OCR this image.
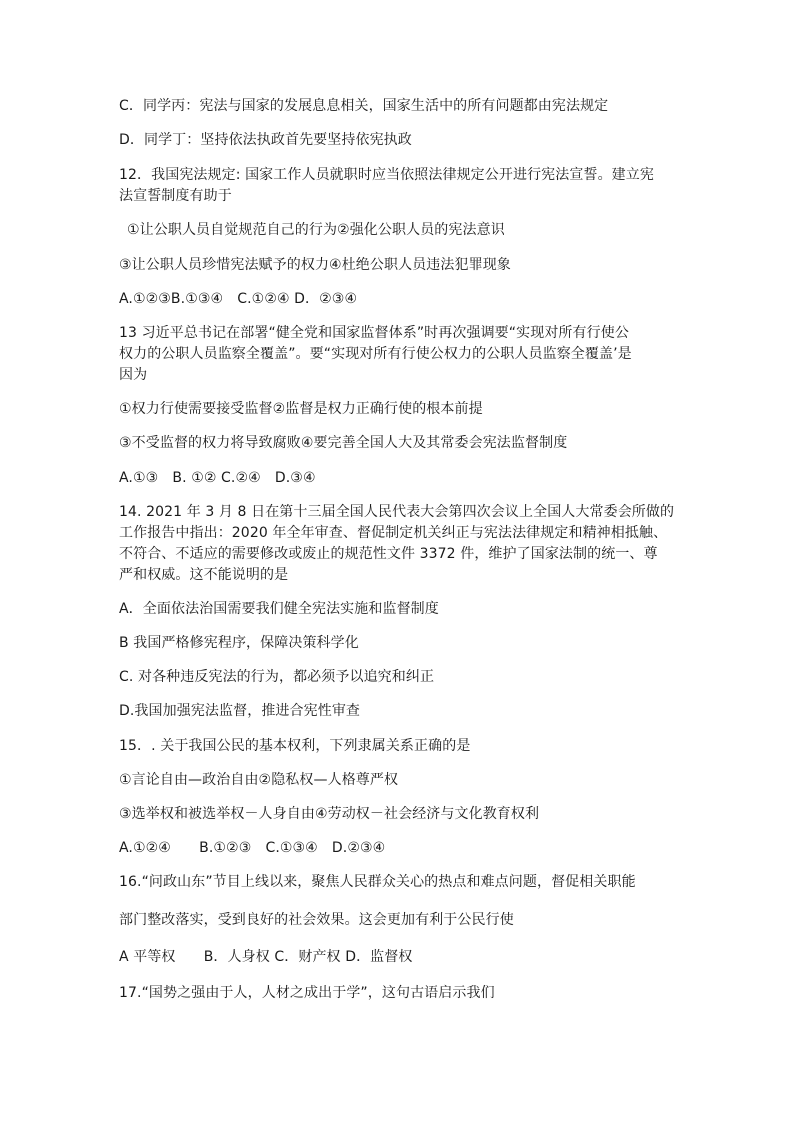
C．同学丙：宪法与国家的发展息息相关，国家生活中的所有问题都由宪法规定
D．同学丁：坚持依法执政首先要坚持依宪执政
12．我国宪法规定: 国家工作人员就职时应当依照法律规定公开进行宪法宣誓。建立宪
法宣誓制度有助于
①让公职人员自觉规范自己的行为②强化公职人员的宪法意识
③让公职人员珍惜宪法赋予的权力④杜绝公职人员违法犯罪现象
A.①②③B.①③④　C.①②④ D．②③④
13 习近平总书记在部署“健全党和国家监督体系”时再次强调要“实现对所有行使公
权力的公职人员监察全覆盖”。要“实现对所有行使公权力的公职人员监察全覆盖’是
因为
①权力行使需要接受监督②监督是权力正确行使的根本前提
③不受监督的权力将导致腐败④要完善全国人大及其常委会宪法监督制度
A.①③　B. ①② C.②④　D.③④
14. 2021 年 3 月 8 日在第十三届全国人民代表大会第四次会议上全国人大常委会所做的
工作报告中指出：2020 年全年审查、督促制定机关纠正与宪法法律规定和精神相抵触、
不符合、不适应的需要修改或废止的规范性文件 3372 件，维护了国家法制的统一、尊
严和权威。这不能说明的是
A．全面依法治国需要我们健全宪法实施和监督制度
B 我国严格修宪程序，保障决策科学化
C. 对各种违反宪法的行为，都必须予以追究和纠正
D.我国加强宪法监督，推进合宪性审查
15．. 关于我国公民的基本权利，下列隶属关系正确的是
①言论自由—政治自由②隐私权—人格尊严权
③选举权和被选举权－人身自由④劳动权－社会经济与文化教育权利
A.①②④　　B.①②③　C.①③④　D.②③④
16.“问政山东”节目上线以来，聚焦人民群众关心的热点和难点问题，督促相关职能
部门整改落实，受到良好的社会效果。这会更加有利于公民行使
A 平等权　　B．人身权 C．财产权 D．监督权
17.“国势之强由于人，人材之成出于学”，这句古语启示我们
